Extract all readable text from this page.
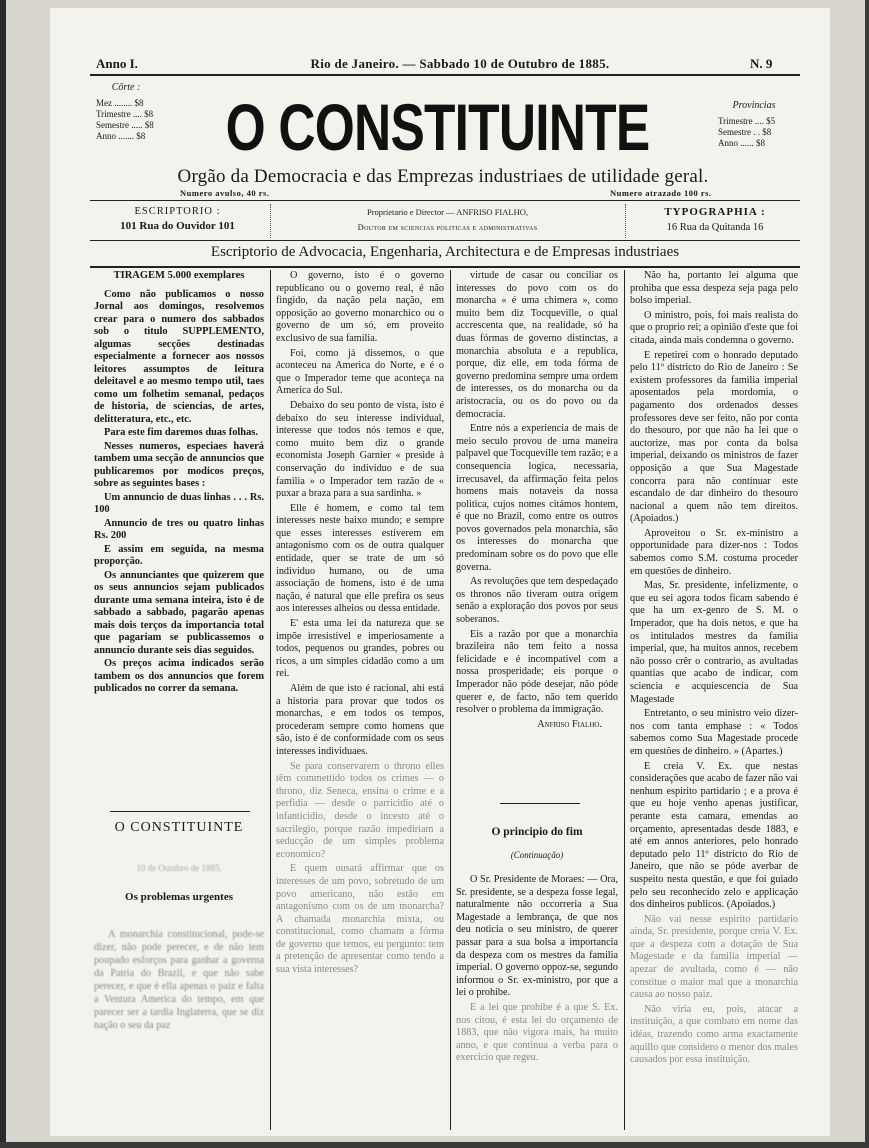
Anno I.	Rio de Janeiro. — Sabbado 10 de Outubro de 1885.	N. 9
Côrte :
Mez ........ $8
Trimestre .... $8
Semestre ..... $8
Anno ....... $8	O CONSTITUINTE	Provincias
Trimestre .... $5
Semestre . . $8
Anno ...... $8
Orgão da Democracia e das Emprezas industriaes de utilidade geral.
Numero avulso, 40 rs.	Numero atrazado 100 rs.
ESCRIPTORIO :
101 Rua do Ouvidor 101
Proprietario e Director — ANFRISO FIALHO,
Doutor em sciencias politicas e administrativas
TYPOGRAPHIA :
16 Rua da Quitanda 16
Escriptorio de Advocacia, Engenharia, Architectura e de Empresas industriaes
TIRAGEM 5.000 exemplares

Como não publicamos o nosso Jornal aos domingos, resolvemos crear para o numero dos sabbados sob o titulo SUPPLEMENTO, algumas secções destinadas especialmente a fornecer aos nossos leitores assumptos de leitura deleitavel e ao mesmo tempo util, taes como um folhetim semanal, pedaços de historia, de sciencias, de artes, delitteratura, etc., etc.

Para este fim daremos duas folhas.

Nesses numeros, especiaes haverá tambem uma secção de annuncios que publicaremos por modicos preços, sobre as seguintes bases :

Um annuncio de duas linhas . . . Rs. 100

Annuncio de tres ou quatro linhas Rs. 200

E assim em seguida, na mesma proporção.

Os annunciantes que quizerem que os seus annuncios sejam publicados durante uma semana inteira, isto é de sabbado a sabbado, pagarão apenas mais dois terços da importancia total que pagariam se publicassemos o annuncio durante seis dias seguidos.

Os preços acima indicados serão tambem os dos annuncios que forem publicados no correr da semana.

O CONSTITUINTE
10 de Outubro de 1885.
Os problemas urgentes
A monarchia constitucional, pode-se dizer, não pode perecer, e de não tem poupado esforços para ganhar a governa da Patria do Brazil, e que não sabe perecer, e que é ella apenas o paiz e falta a Ventura America do tempo, em que parecer ser a tardia Inglaterra, que se diz nação o seu da paz

O governo, isto é o governo republicano ou o governo real, é não fingido, da nação pela nação, em opposição ao governo monarchico ou o governo de um só, em proveito exclusivo de sua familia.

Foi, como já dissemos, o que aconteceu na America do Norte, e é o que o Imperador teme que aconteça na America do Sul.

Debaixo do seu ponto de vista, isto é debaixo do seu interesse individual, interesse que todos nós temos e que, como muito bem diz o grande economista Joseph Garnier « preside à conservação do individuo e de sua familia » o Imperador tem razão de « puxar a braza para a sua sardinha. »

Elle é homem, e como tal tem interesses neste baixo mundo; e sempre que esses interesses estiverem em antagonismo com os de outra qualquer entidade, quer se trate de um só individuo humano, ou de uma associação de homens, isto é de uma nação, é natural que elle prefira os seus aos interesses alheios ou dessa entidade.

E' esta uma lei da natureza que se impõe irresistivel e imperiosamente a todos, pequenos ou grandes, pobres ou ricos, a um simples cidadão como a um rei.

Além de que isto é racional, ahi está a historia para provar que todos os monarchas, e em todos os tempos, procederam sempre como homens que são, isto é de conformidade com os seus interesses individuaes.

Se para conservarem o throno elles têm commettido todos os crimes — o throno, diz Seneca, ensina o crime e a perfidia — desde o parricidio até o infanticidio, desde o incesto até o sacrilegio, porque razão impediriam a seducção de um simples problema economico?

E quem ousará affirmar que os interesses de um povo, sobretudo de um povo americano, não estão em antagonismo com os de um monarcha? A chamada monarchia mixta, ou constitucional, como chamam a fórma de governo que temos, eu pergunto: tem a pretenção de apresentar como tendo a sua vista interesses?

virtude de casar ou conciliar os interesses do povo com os do monarcha « é uma chimera », como muito bem diz Tocqueville, o qual accrescenta que, na realidade, só ha duas fórmas de governo distinctas, a monarchia absoluta e a republica, porque, diz elle, em toda fórma de governo predomina sempre uma ordem de interesses, os do monarcha ou da aristocracia, ou os do povo ou da democracia.

Entre nós a experiencia de mais de meio seculo provou de uma maneira palpavel que Tocqueville tem razão; e a consequencia logica, necessaria, irrecusavel, da affirmação feita pelos homens mais notaveis da nossa politica, cujos nomes citámos hontem, é que no Brazil, como entre os outros povos governados pela monarchia, são os interesses do monarcha que predominam sobre os do povo que elle governa.

As revoluções que tem despedaçado os thronos não tiveram outra origem senão a exploração dos povos por seus soberanos.

Eis a razão por que a monarchia brazileira não tem feito a nossa felicidade e é incompativel com a nossa prosperidade; eis porque o Imperador não póde desejar, não póde querer e, de facto, não tem querido resolver o problema da immigração.

Anfriso Fialho.
O principio do fim
(Continuação)

O Sr. Presidente de Moraes: — Ora, Sr. presidente, se a despeza fosse legal, naturalmente não occorreria a Sua Magestade a lembrança, de que nos deu noticia o seu ministro, de querer passar para a sua bolsa a importancia da despeza com os mestres da familia imperial. O governo oppoz-se, segundo informou o Sr. ex-ministro, por que a lei o prohibe.

E a lei que prohibe é a que S. Ex. nos citou, é esta lei do orçamento de 1883, que não vigora mais, ha muito anno, e que continua a verba para o exercicio que regeu.

Não ha, portanto lei alguma que prohiba que essa despeza seja paga pelo bolso imperial.

O ministro, pois, foi mais realista do que o proprio rei; a opinião d'este que foi citada, ainda mais condemna o governo.

E repetirei com o honrado deputado pelo 11º districto do Rio de Janeiro : Se existem professores da familia imperial aposentados pela mordomia, o pagamento dos ordenados desses professores deve ser feito, não por conta do thesouro, por que não ha lei que o auctorize, mas por conta da bolsa imperial, deixando os ministros de fazer opposição a que Sua Magestade concorra para não continuar este escandalo de dar dinheiro do thesouro nacional a quem não tem direitos. (Apoiados.)

Aproveitou o Sr. ex-ministro a opportunidade para dizer-nos : Todos sabemos como S.M. costuma proceder em questões de dinheiro.

Mas, Sr. presidente, infelizmente, o que eu sei agora todos ficam sabendo é que ha um ex-genro de S. M. o Imperador, que ha dois netos, e que ha os intitulados mestres da familia imperial, que, ha muitos annos, recebem não posso crêr o contrario, as avultadas quantias que acabo de indicar, com sciencia e acquiescencia de Sua Magestade

Entretanto, o seu ministro veio dizer-nos com tanta emphase : « Todos sabemos como Sua Magestade procede em questões de dinheiro. » (Apartes.)

E creia V. Ex. que nestas considerações que acabo de fazer não vai nenhum espirito partidario ; e a prova é que eu hoje venho apenas justificar, perante esta camara, emendas ao orçamento, apresentadas desde 1883, e até em annos anteriores, pelo honrado deputado pelo 11º districto do Rio de Janeiro, que não se póde averbar de suspeito nesta questão, e que foi guiado pelo seu reconhecido zelo e applicação dos dinheiros publicos. (Apoiados.)

Não vai nesse espirito partidario ainda, Sr. presidente, porque creia V. Ex. que a despeza com a dotação de Sua Magestade e da familia imperial — apezar de avultada, como é — não constitue o maior mal que a monarchia causa ao nosso paiz.

Não viria eu, pois, atacar a instituição, a que combato em nome das idéas, trazendo como arma exactamente aquillo que considero o menor dos males causados por essa instituição.
